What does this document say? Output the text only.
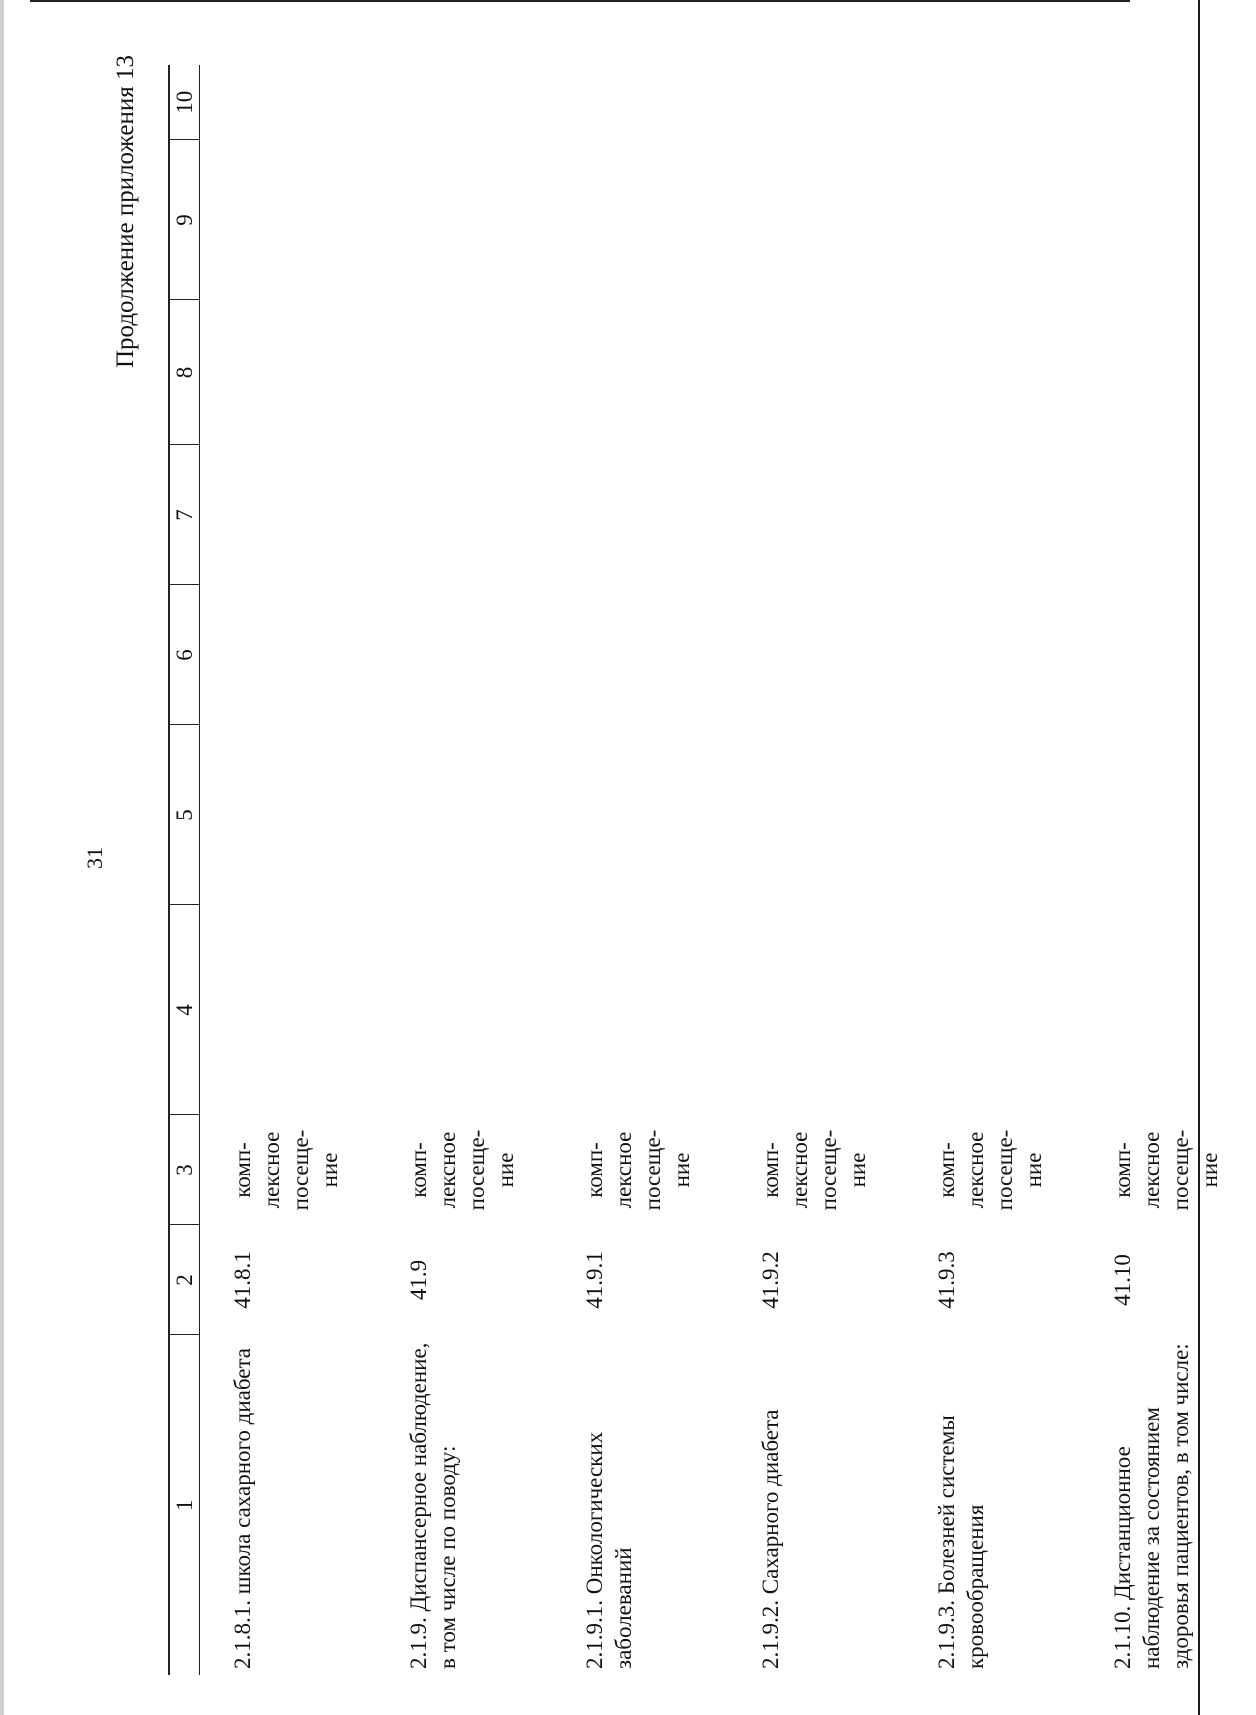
31
Продолжение приложения 13
1	2	3	4	5	6	7	8	9	10
2.1.8.1. школа сахарного диабета	41.8.1	комп- лексное посеще- ние							

2.1.9. Диспансерное наблюдение, в том числе по поводу:	41.9	комп- лексное посеще- ние							

2.1.9.1. Онкологических заболеваний	41.9.1	комп- лексное посеще- ние							

2.1.9.2. Сахарного диабета	41.9.2	комп- лексное посеще- ние							

2.1.9.3. Болезней системы кровообращения	41.9.3	комп- лексное посеще- ние							

2.1.10. Дистанционное наблюдение за состоянием здоровья пациентов, в том числе:	41.10	комп- лексное посеще- ние							
